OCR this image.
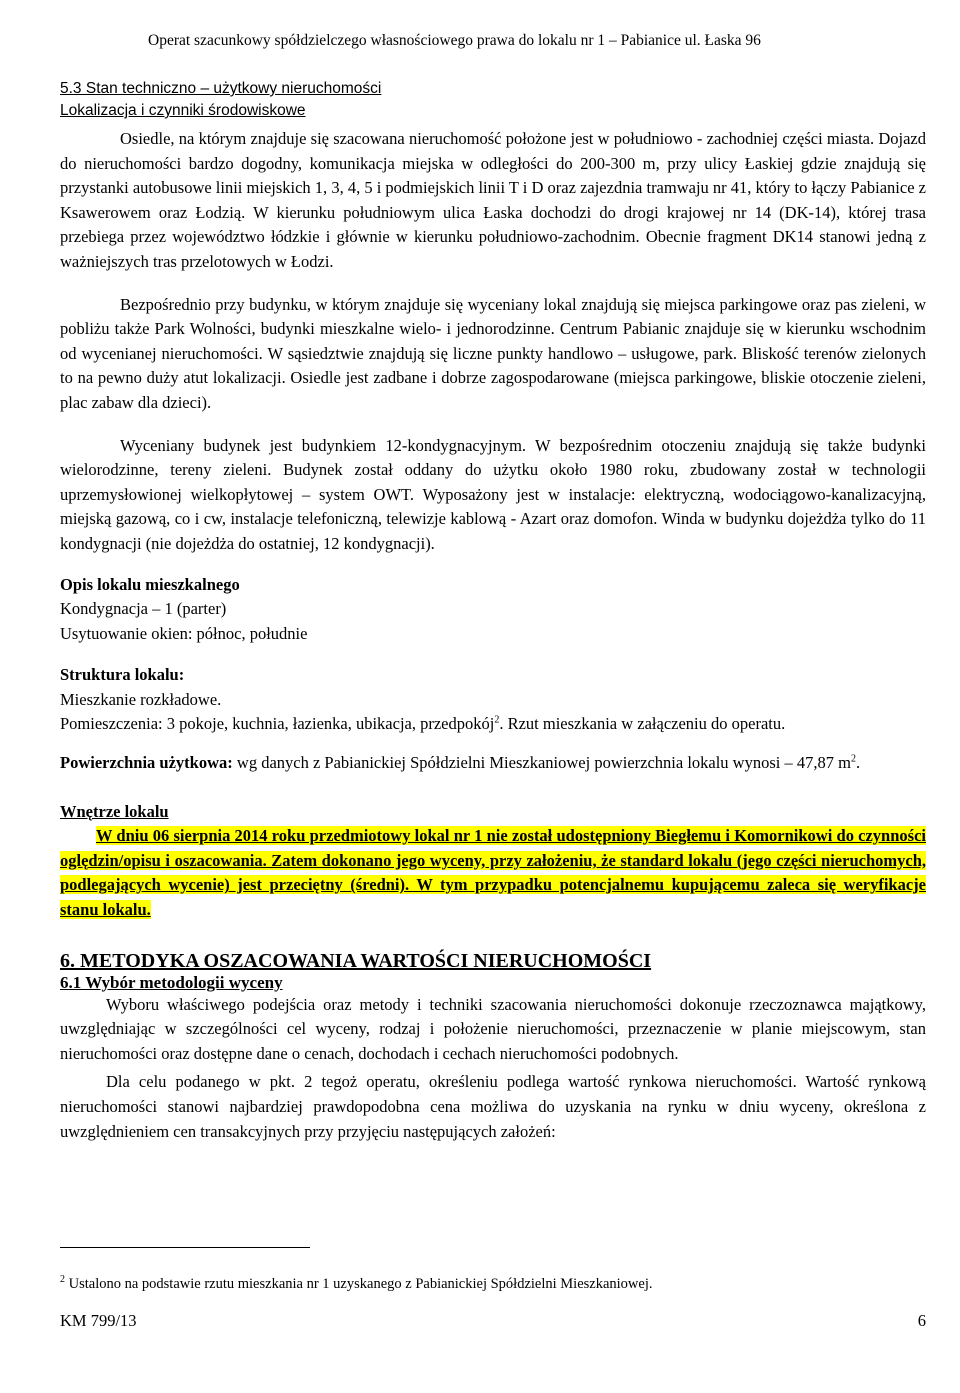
Operat szacunkowy spółdzielczego własnościowego prawa do lokalu nr 1 – Pabianice ul. Łaska 96
5.3 Stan techniczno – użytkowy nieruchomości
Lokalizacja i czynniki środowiskowe

Osiedle, na którym znajduje się szacowana nieruchomość położone jest w południowo - zachodniej części miasta. Dojazd do nieruchomości bardzo dogodny, komunikacja miejska w odległości do 200-300 m, przy ulicy Łaskiej gdzie znajdują się przystanki autobusowe linii miejskich 1, 3, 4, 5 i podmiejskich linii T i D oraz zajezdnia tramwaju nr 41, który to łączy Pabianice z Ksawerowem oraz Łodzią. W kierunku południowym ulica Łaska dochodzi do drogi krajowej nr 14 (DK-14), której trasa przebiega przez województwo łódzkie i głównie w kierunku południowo-zachodnim. Obecnie fragment DK14 stanowi jedną z ważniejszych tras przelotowych w Łodzi.

Bezpośrednio przy budynku, w którym znajduje się wyceniany lokal znajdują się miejsca parkingowe oraz pas zieleni, w pobliżu także Park Wolności, budynki mieszkalne wielo- i jednorodzinne. Centrum Pabianic znajduje się w kierunku wschodnim od wycenianej nieruchomości. W sąsiedztwie znajdują się liczne punkty handlowo – usługowe, park. Bliskość terenów zielonych to na pewno duży atut lokalizacji. Osiedle jest zadbane i dobrze zagospodarowane (miejsca parkingowe, bliskie otoczenie zieleni, plac zabaw dla dzieci).

Wyceniany budynek jest budynkiem 12-kondygnacyjnym. W bezpośrednim otoczeniu znajdują się także budynki wielorodzinne, tereny zieleni. Budynek został oddany do użytku około 1980 roku, zbudowany został w technologii uprzemysłowionej wielkopłytowej – system OWT. Wyposażony jest w instalacje: elektryczną, wodociągowo-kanalizacyjną, miejską gazową, co i cw, instalacje telefoniczną, telewizje kablową - Azart oraz domofon. Winda w budynku dojeżdża tylko do 11 kondygnacji (nie dojeżdża do ostatniej, 12 kondygnacji).

Opis lokalu mieszkalnego

Kondygnacja – 1 (parter)

Usytuowanie okien: północ, południe

Struktura lokalu:

Mieszkanie rozkładowe.

Pomieszczenia: 3 pokoje, kuchnia, łazienka, ubikacja, przedpokój$^2$. Rzut mieszkania w załączeniu do operatu.

Powierzchnia użytkowa: wg danych z Pabianickiej Spółdzielni Mieszkaniowej powierzchnia lokalu wynosi – 47,87 $m^2$.

Wnętrze lokalu

W dniu 06 sierpnia 2014 roku przedmiotowy lokal nr 1 nie został udostępniony Biegłemu i Komornikowi do czynności oględzin/opisu i oszacowania. Zatem dokonano jego wyceny, przy założeniu, że standard lokalu (jego części nieruchomych, podlegających wycenie) jest przeciętny (średni). W tym przypadku potencjalnemu kupującemu zaleca się weryfikacje stanu lokalu.

6. METODYKA OSZACOWANIA WARTOŚCI NIERUCHOMOŚCI

6.1 Wybór metodologii wyceny

Wyboru właściwego podejścia oraz metody i techniki szacowania nieruchomości dokonuje rzeczoznawca majątkowy, uwzględniając w szczególności cel wyceny, rodzaj i położenie nieruchomości, przeznaczenie w planie miejscowym, stan nieruchomości oraz dostępne dane o cenach, dochodach i cechach nieruchomości podobnych.

Dla celu podanego w pkt. 2 tegoż operatu, określeniu podlega wartość rynkowa nieruchomości. Wartość rynkową nieruchomości stanowi najbardziej prawdopodobna cena możliwa do uzyskania na rynku w dniu wyceny, określona z uwzględnieniem cen transakcyjnych przy przyjęciu następujących założeń:

$^2$ Ustalono na podstawie rzutu mieszkania nr 1 uzyskanego z Pabianickiej Spółdzielni Mieszkaniowej.
KM 799/13	6
